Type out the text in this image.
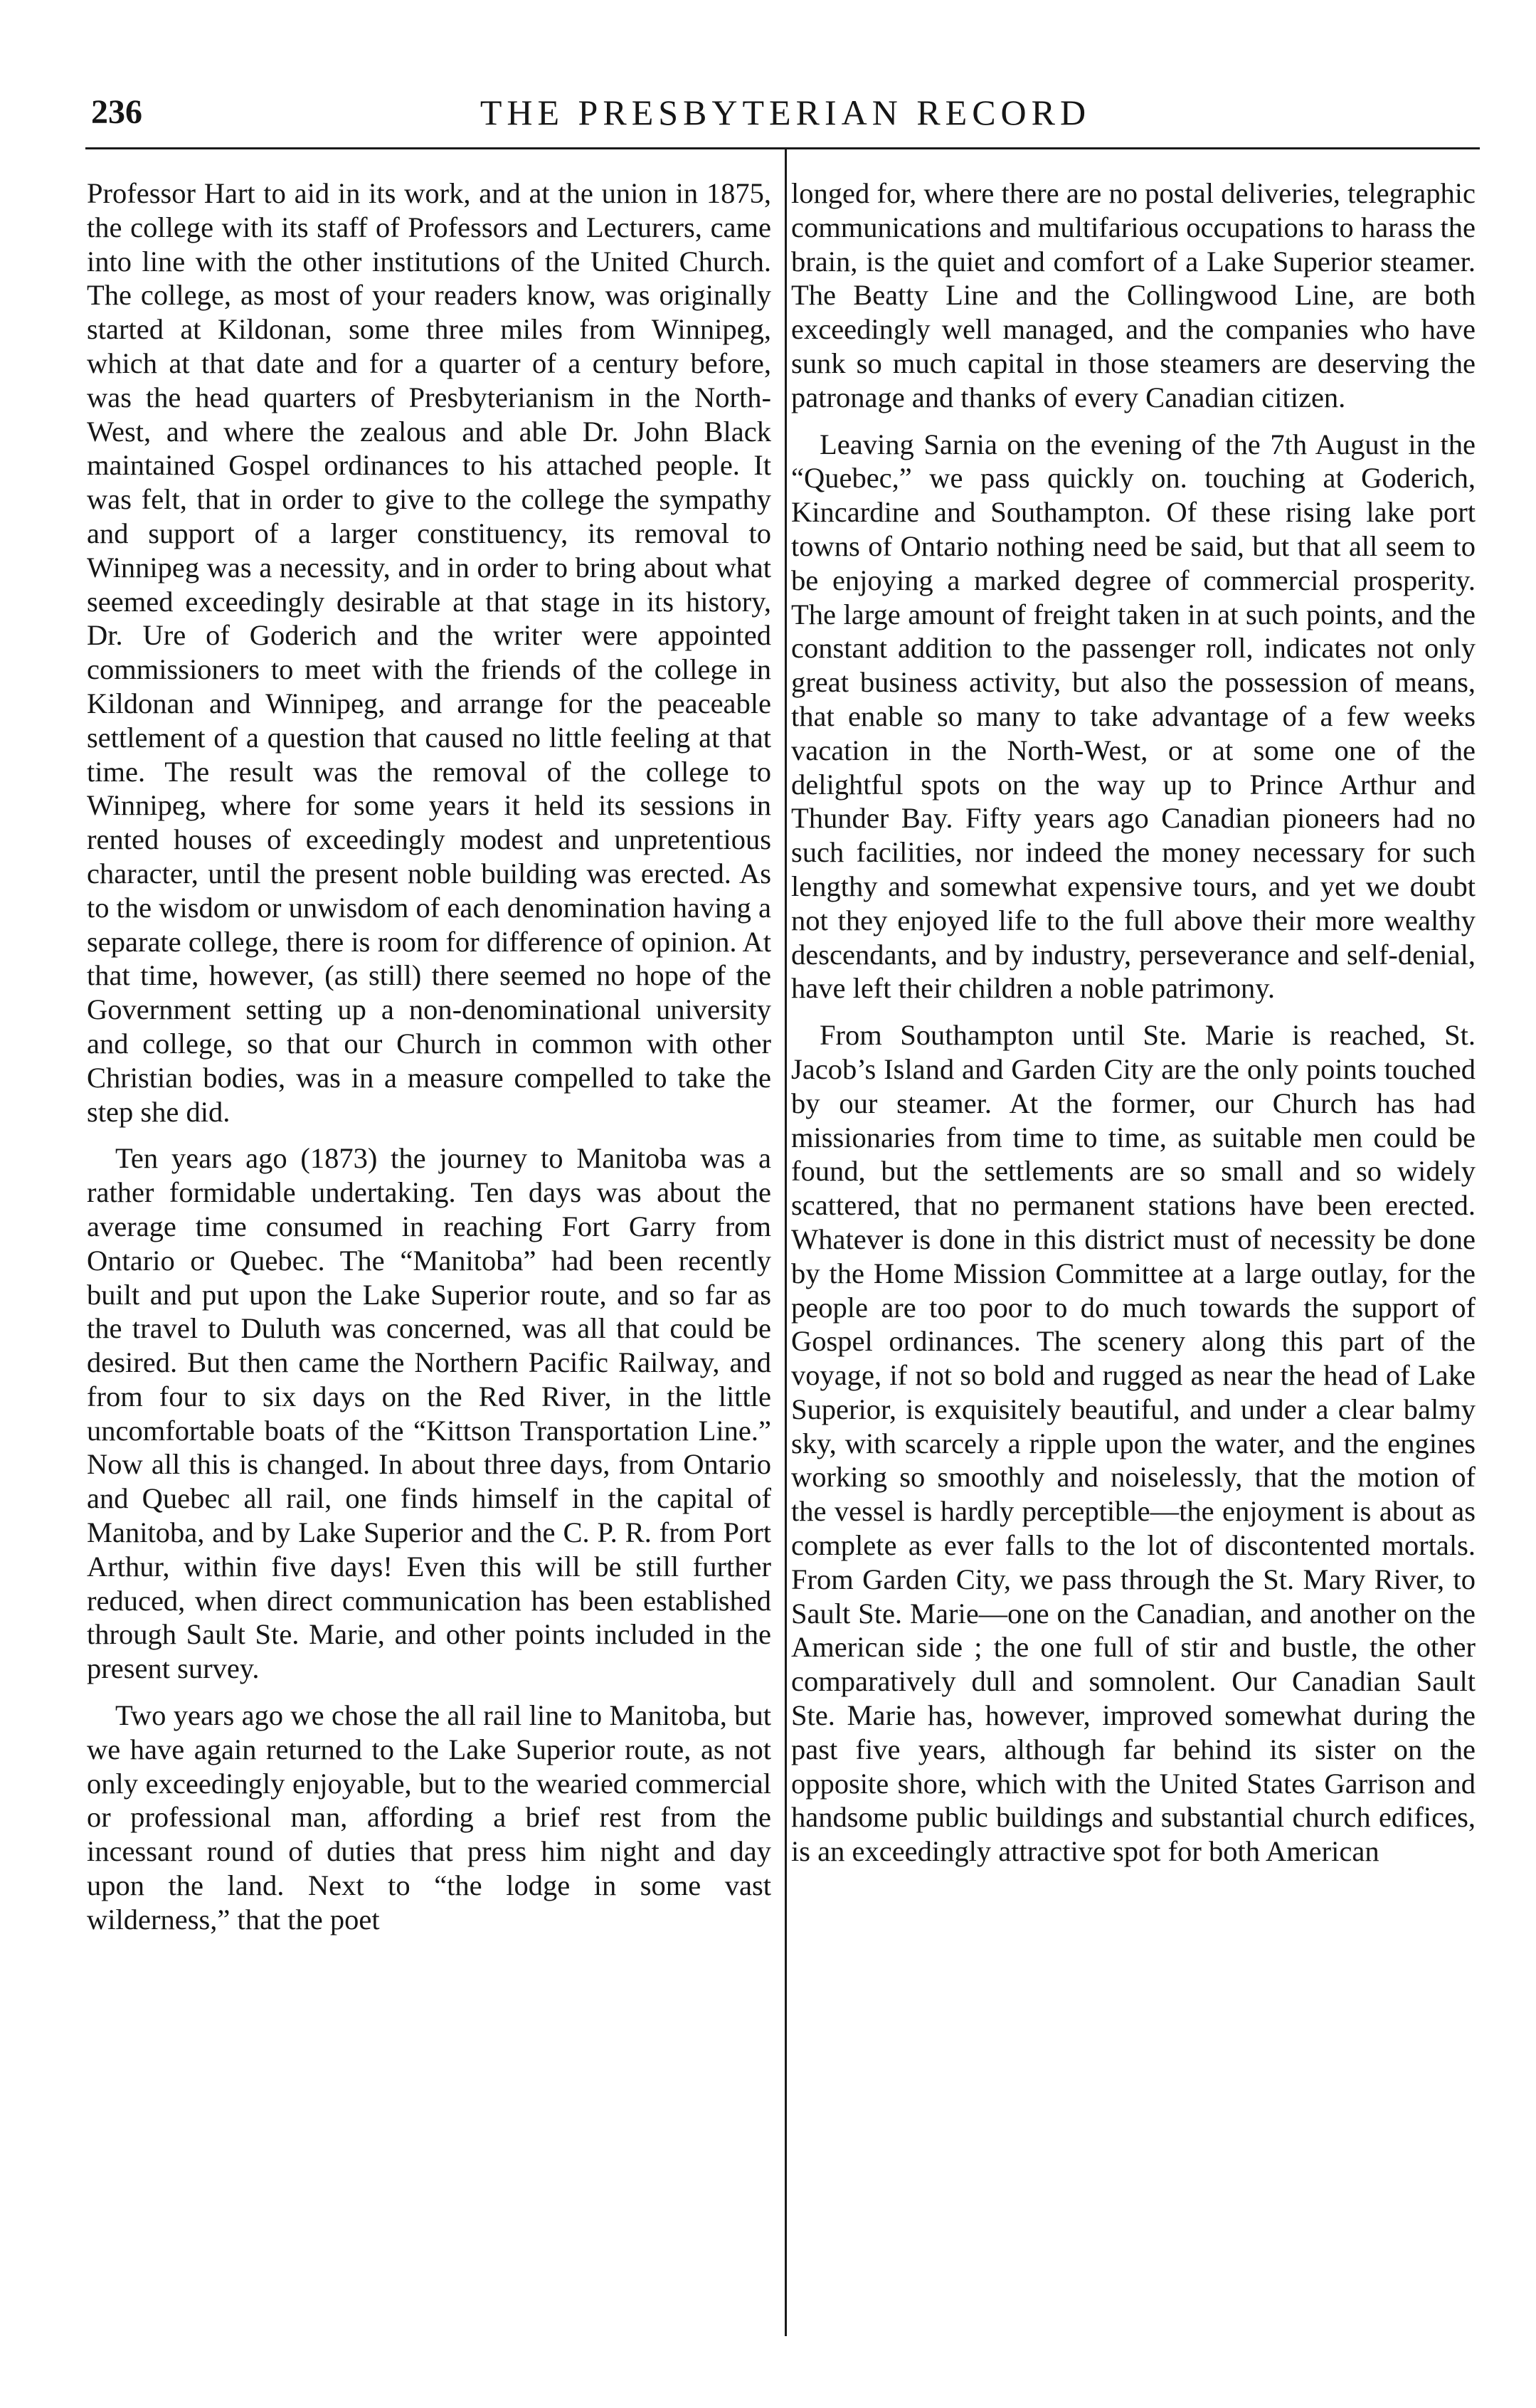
236	THE PRESBYTERIAN RECORD

Professor Hart to aid in its work, and at the union in 1875, the college with its staff of Professors and Lecturers, came into line with the other institutions of the United Church. The college, as most of your readers know, was originally started at Kildonan, some three miles from Winnipeg, which at that date and for a quarter of a century before, was the head quarters of Presbyterianism in the North-West, and where the zealous and able Dr. John Black maintained Gospel ordinances to his attached people. It was felt, that in order to give to the college the sympathy and support of a larger constituency, its removal to Winnipeg was a necessity, and in order to bring about what seemed exceedingly desirable at that stage in its history, Dr. Ure of Goderich and the writer were appointed commissioners to meet with the friends of the college in Kildonan and Winnipeg, and arrange for the peaceable settlement of a question that caused no little feeling at that time. The result was the removal of the college to Winnipeg, where for some years it held its sessions in rented houses of exceedingly modest and unpretentious character, until the present noble building was erected. As to the wisdom or unwisdom of each denomination having a separate college, there is room for difference of opinion. At that time, however, (as still) there seemed no hope of the Government setting up a non-denominational university and college, so that our Church in common with other Christian bodies, was in a measure compelled to take the step she did.

Ten years ago (1873) the journey to Manitoba was a rather formidable undertaking. Ten days was about the average time consumed in reaching Fort Garry from Ontario or Quebec. The “Manitoba” had been recently built and put upon the Lake Superior route, and so far as the travel to Duluth was concerned, was all that could be desired. But then came the Northern Pacific Railway, and from four to six days on the Red River, in the little uncomfortable boats of the “Kittson Transportation Line.” Now all this is changed. In about three days, from Ontario and Quebec all rail, one finds himself in the capital of Manitoba, and by Lake Superior and the C. P. R. from Port Arthur, within five days! Even this will be still further reduced, when direct communication has been established through Sault Ste. Marie, and other points included in the present survey.

Two years ago we chose the all rail line to Manitoba, but we have again returned to the Lake Superior route, as not only exceedingly enjoyable, but to the wearied commercial or professional man, affording a brief rest from the incessant round of duties that press him night and day upon the land. Next to “the lodge in some vast wilderness,” that the poet

longed for, where there are no postal deliveries, telegraphic communications and multifarious occupations to harass the brain, is the quiet and comfort of a Lake Superior steamer. The Beatty Line and the Collingwood Line, are both exceedingly well managed, and the companies who have sunk so much capital in those steamers are deserving the patronage and thanks of every Canadian citizen.

Leaving Sarnia on the evening of the 7th August in the “Quebec,” we pass quickly on. touching at Goderich, Kincardine and Southampton. Of these rising lake port towns of Ontario nothing need be said, but that all seem to be enjoying a marked degree of commercial prosperity. The large amount of freight taken in at such points, and the constant addition to the passenger roll, indicates not only great business activity, but also the possession of means, that enable so many to take advantage of a few weeks vacation in the North-West, or at some one of the delightful spots on the way up to Prince Arthur and Thunder Bay. Fifty years ago Canadian pioneers had no such facilities, nor indeed the money necessary for such lengthy and somewhat expensive tours, and yet we doubt not they enjoyed life to the full above their more wealthy descendants, and by industry, perseverance and self-denial, have left their children a noble patrimony.

From Southampton until Ste. Marie is reached, St. Jacob’s Island and Garden City are the only points touched by our steamer. At the former, our Church has had missionaries from time to time, as suitable men could be found, but the settlements are so small and so widely scattered, that no permanent stations have been erected. Whatever is done in this district must of necessity be done by the Home Mission Committee at a large outlay, for the people are too poor to do much towards the support of Gospel ordinances. The scenery along this part of the voyage, if not so bold and rugged as near the head of Lake Superior, is exquisitely beautiful, and under a clear balmy sky, with scarcely a ripple upon the water, and the engines working so smoothly and noiselessly, that the motion of the vessel is hardly perceptible—the enjoyment is about as complete as ever falls to the lot of discontented mortals. From Garden City, we pass through the St. Mary River, to Sault Ste. Marie—one on the Canadian, and another on the American side ; the one full of stir and bustle, the other comparatively dull and somnolent. Our Canadian Sault Ste. Marie has, however, improved somewhat during the past five years, although far behind its sister on the opposite shore, which with the United States Garrison and handsome public buildings and substantial church edifices, is an exceedingly attractive spot for both American
